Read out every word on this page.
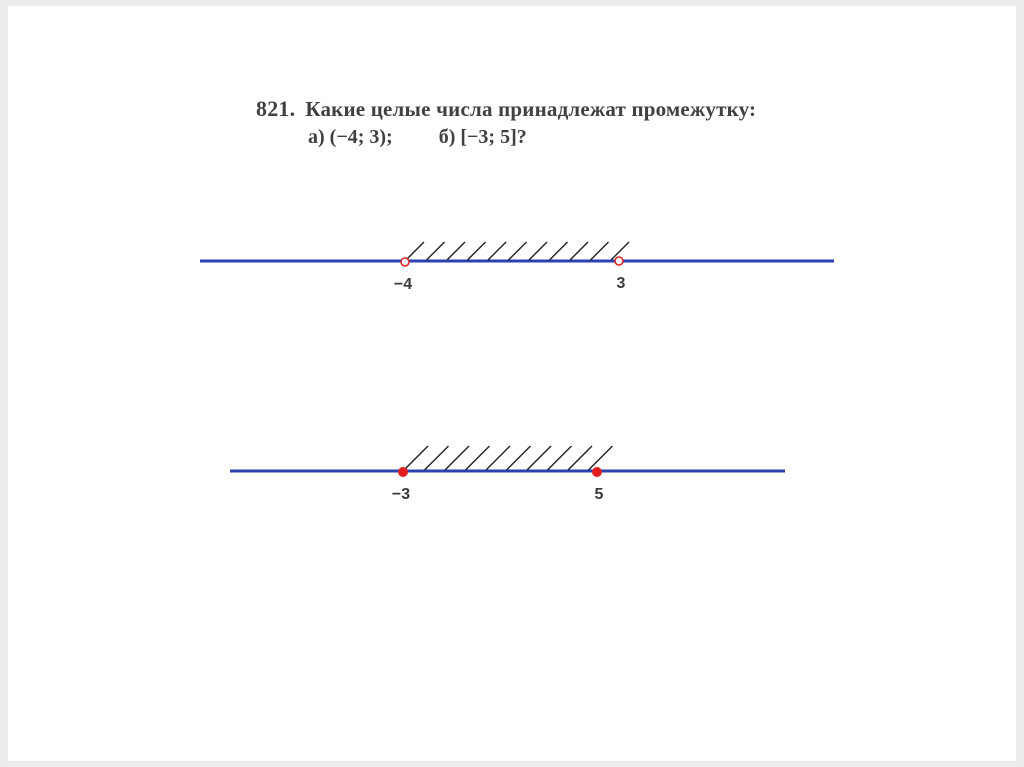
821. Какие целые числа принадлежат промежутку:
а) (−4; 3); б) [−3; 5]?
−4	3
−3	5
